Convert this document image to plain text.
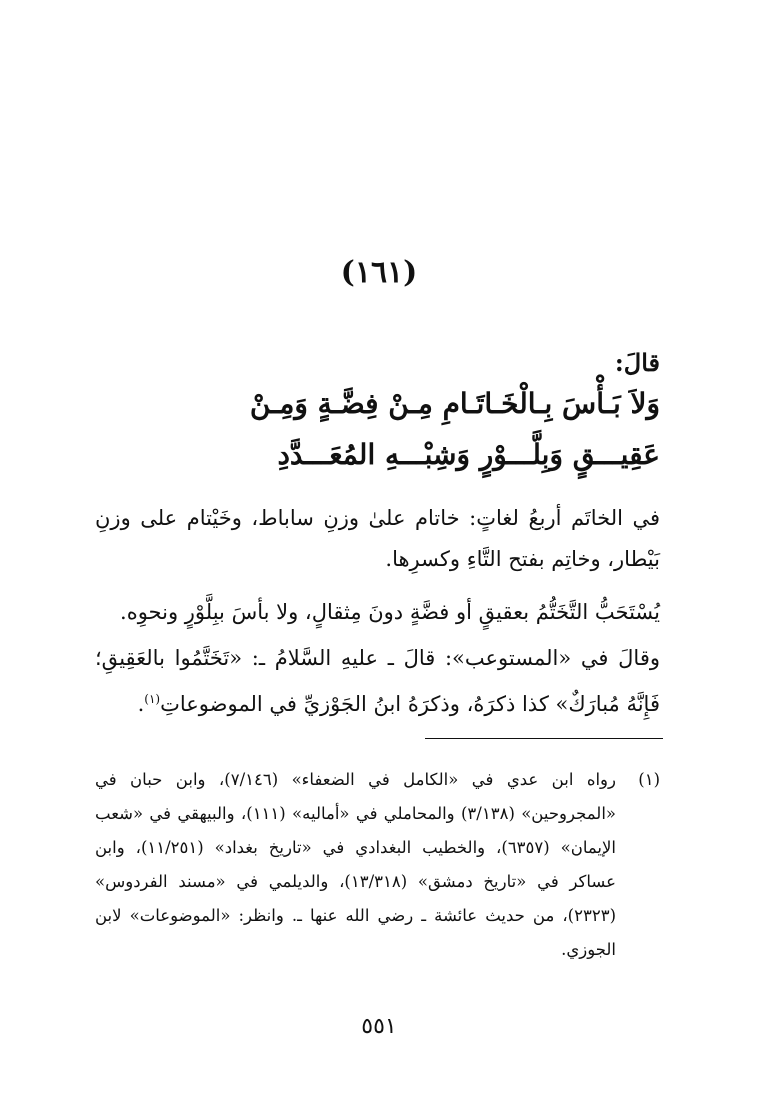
(١٦١)
قالَ:
وَلاَ بَـأْسَ بِـالْخَـاتَـامِ مِـنْ فِضَّـةٍ وَمِـنْ
عَقِيـــقٍ وَبِلَّـــوْرٍ وَشِبْـــهِ المُعَـــدَّدِ
في الخاتَم أربعُ لغاتٍ: خاتام علىٰ وزنِ ساباط، وخَيْتام على وزنِ بَيْطار، وخاتِم بفتح التَّاءِ وكسرِها.
يُسْتَحَبُّ التَّخَتُّمُ بعقيقٍ أو فضَّةٍ دونَ مِثقالٍ، ولا بأسَ ببِلَّوْرٍ ونحوِه.
وقالَ في «المستوعب»: قالَ ـ عليهِ السَّلامُ ـ: «تَخَتَّمُوا بالعَقِيقِ؛ فَإِنَّهُ مُبارَكٌ» كذا ذكرَهُ، وذكرَهُ ابنُ الجَوْزيِّ في الموضوعاتِ$^{(١)}$.
(١)
رواه ابن عدي في «الكامل في الضعفاء» (٧/١٤٦)، وابن حبان في «المجروحين» (٣/١٣٨) والمحاملي في «أماليه» (١١١)، والبيهقي في «شعب الإيمان» (٦٣٥٧)، والخطيب البغدادي في «تاريخ بغداد» (١١/٢٥١)، وابن عساكر في «تاريخ دمشق» (١٣/٣١٨)، والديلمي في «مسند الفردوس» (٢٣٢٣)، من حديث عائشة ـ رضي الله عنها ـ. وانظر: «الموضوعات» لابن الجوزي.
٥٥١
